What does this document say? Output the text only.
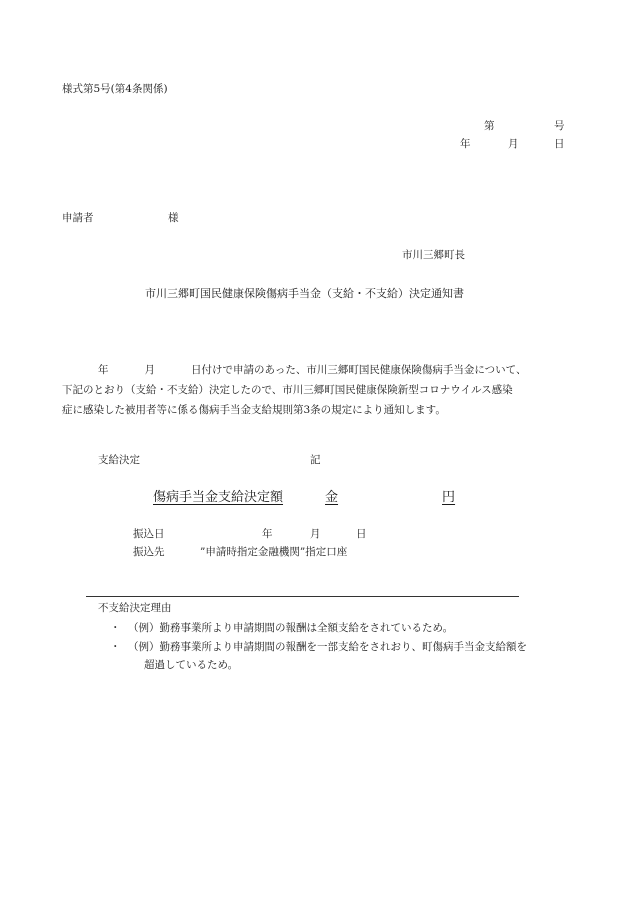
様式第5号(第4条関係)
第	号
年	月	日
申請者	様
市川三郷町長
市川三郷町国民健康保険傷病手当金（支給・不支給）決定通知書
年	月	日付けで申請のあった、市川三郷町国民健康保険傷病手当金について、
下記のとおり（支給・不支給）決定したので、市川三郷町国民健康保険新型コロナウイルス感染
症に感染した被用者等に係る傷病手当金支給規則第3条の規定により通知します。
支給決定	記
傷病手当金支給決定額	金	円
振込日	年	月	日
振込先	”申請時指定金融機関”指定口座
不支給決定理由
・ （例）勤務事業所より申請期間の報酬は全額支給をされているため。
・ （例）勤務事業所より申請期間の報酬を一部支給をされおり、町傷病手当金支給額を
超過しているため。
